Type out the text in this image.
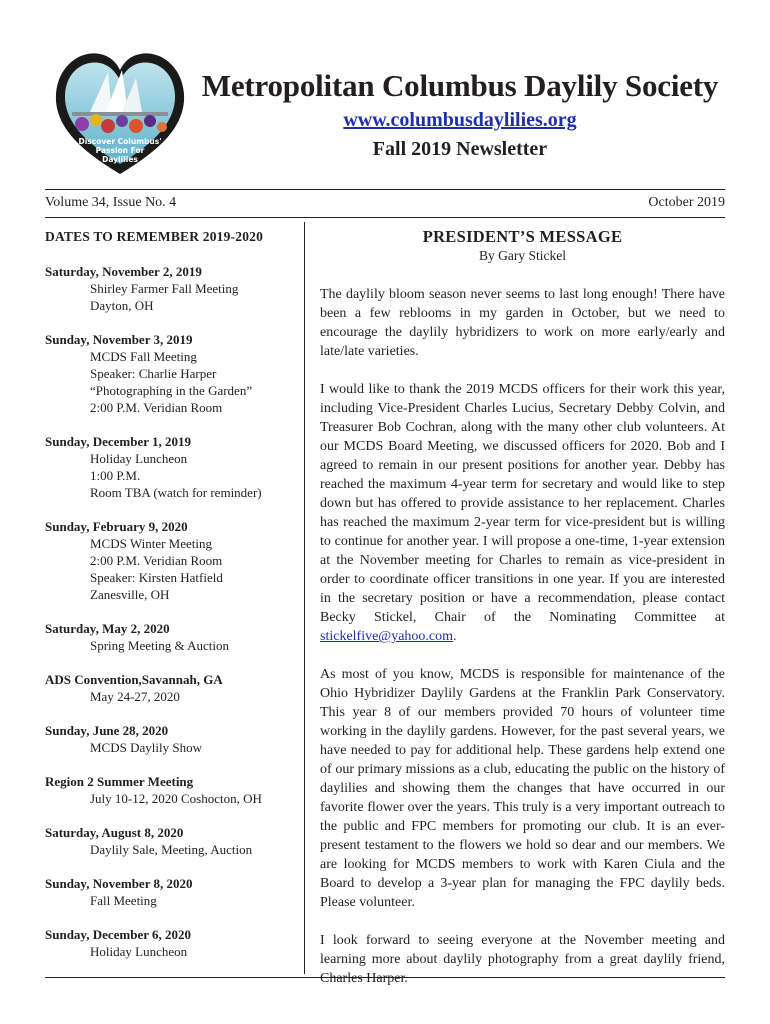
Discover Columbus'
Passion For
Daylilies
Metropolitan Columbus Daylily Society
www.columbusdaylilies.org
Fall 2019 Newsletter
Volume 34, Issue No. 4	October 2019
DATES TO REMEMBER 2019-2020
Saturday, November 2, 2019
Shirley Farmer Fall Meeting
Dayton, OH
Sunday, November 3, 2019
MCDS Fall Meeting
Speaker: Charlie Harper
“Photographing in the Garden”
2:00 P.M. Veridian Room
Sunday, December 1, 2019
Holiday Luncheon
1:00 P.M.
Room TBA (watch for reminder)
Sunday, February 9, 2020
MCDS Winter Meeting
2:00 P.M. Veridian Room
Speaker: Kirsten Hatfield
Zanesville, OH
Saturday, May 2, 2020
Spring Meeting & Auction
ADS Convention,Savannah, GA
May 24-27, 2020
Sunday, June 28, 2020
MCDS Daylily Show
Region 2 Summer Meeting
July 10-12, 2020 Coshocton, OH
Saturday, August 8, 2020
Daylily Sale, Meeting, Auction
Sunday, November 8, 2020
Fall Meeting
Sunday, December 6, 2020
Holiday Luncheon
PRESIDENT’S MESSAGE
By Gary Stickel

The daylily bloom season never seems to last long enough! There have been a few reblooms in my garden in October, but we need to encourage the daylily hybridizers to work on more early/early and late/late varieties.

I would like to thank the 2019 MCDS officers for their work this year, including Vice-President Charles Lucius, Secretary Debby Colvin, and Treasurer Bob Cochran, along with the many other club volunteers. At our MCDS Board Meeting, we discussed officers for 2020. Bob and I agreed to remain in our present positions for another year. Debby has reached the maximum 4-year term for secretary and would like to step down but has offered to provide assistance to her replacement. Charles has reached the maximum 2-year term for vice-president but is willing to continue for another year. I will propose a one-time, 1-year extension at the November meeting for Charles to remain as vice-president in order to coordinate officer transitions in one year. If you are interested in the secretary position or have a recommendation, please contact Becky Stickel, Chair of the Nominating Committee at stickelfive@yahoo.com.

As most of you know, MCDS is responsible for maintenance of the Ohio Hybridizer Daylily Gardens at the Franklin Park Conservatory. This year 8 of our members provided 70 hours of volunteer time working in the daylily gardens. However, for the past several years, we have needed to pay for additional help. These gardens help extend one of our primary missions as a club, educating the public on the history of daylilies and showing them the changes that have occurred in our favorite flower over the years. This truly is a very important outreach to the public and FPC members for promoting our club. It is an ever-present testament to the flowers we hold so dear and our members. We are looking for MCDS members to work with Karen Ciula and the Board to develop a 3-year plan for managing the FPC daylily beds. Please volunteer.

I look forward to seeing everyone at the November meeting and learning more about daylily photography from a great daylily friend, Charles Harper.
